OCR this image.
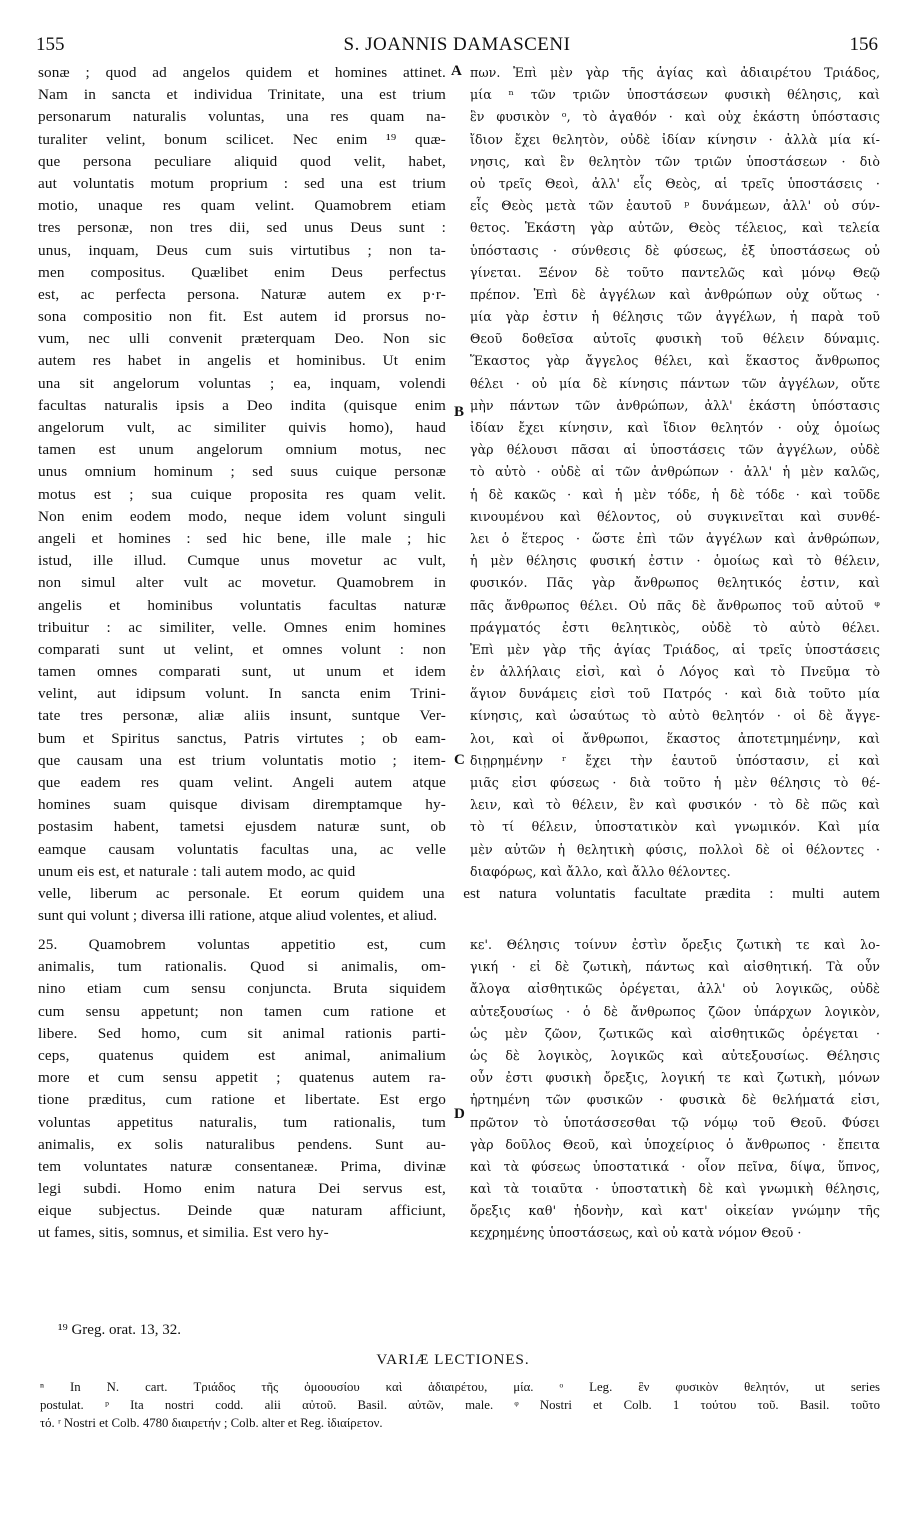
155	S. JOANNIS DAMASCENI	156
sonæ ; quod ad angelos quidem et homines attinet.
Nam in sancta et individua Trinitate, una est trium
personarum naturalis voluntas, una res quam na-
turaliter velint, bonum scilicet. Nec enim ¹⁹ quæ-
que persona peculiare aliquid quod velit, habet,
aut voluntatis motum proprium : sed una est trium
motio, unaque res quam velint. Quamobrem etiam
tres personæ, non tres dii, sed unus Deus sunt :
unus, inquam, Deus cum suis virtutibus ; non ta-
men compositus. Quælibet enim Deus perfectus
est, ac perfecta persona. Naturæ autem ex p·r-
sona compositio non fit. Est autem id prorsus no-
vum, nec ulli convenit præterquam Deo. Non sic
autem res habet in angelis et hominibus. Ut enim
una sit angelorum voluntas ; ea, inquam, volendi
facultas naturalis ipsis a Deo indita (quisque enim
angelorum vult, ac similiter quivis homo), haud
tamen est unum angelorum omnium motus, nec
unus omnium hominum ; sed suus cuique personæ
motus est ; sua cuique proposita res quam velit.
Non enim eodem modo, neque idem volunt singuli
angeli et homines : sed hic bene, ille male ; hic
istud, ille illud. Cumque unus movetur ac vult,
non simul alter vult ac movetur. Quamobrem in
angelis et hominibus voluntatis facultas naturæ
tribuitur : ac similiter, velle. Omnes enim homines
comparati sunt ut velint, et omnes volunt : non
tamen omnes comparati sunt, ut unum et idem
velint, aut idipsum volunt. In sancta enim Trini-
tate tres personæ, aliæ aliis insunt, suntque Ver-
bum et Spiritus sanctus, Patris virtutes ; ob eam-
que causam una est trium voluntatis motio ; item-
que eadem res quam velint. Angeli autem atque
homines suam quisque divisam diremptamque hy-
postasim habent, tametsi ejusdem naturæ sunt, ob
eamque causam voluntatis facultas una, ac velle
unum eis est, et naturale : tali autem modo, ac quid
πων. Ἐπὶ μὲν γὰρ τῆς ἁγίας καὶ ἀδιαιρέτου Τριάδος,
μία ⁿ τῶν τριῶν ὑποστάσεων φυσικὴ θέλησις, καὶ
ἓν φυσικὸν ᵒ, τὸ ἀγαθόν · καὶ οὐχ ἑκάστη ὑπόστασις
ἴδιον ἔχει θελητὸν, οὐδὲ ἰδίαν κίνησιν · ἀλλὰ μία κί-
νησις, καὶ ἓν θελητὸν τῶν τριῶν ὑποστάσεων · διὸ
οὐ τρεῖς Θεοὶ, ἀλλ' εἷς Θεὸς, αἱ τρεῖς ὑποστάσεις ·
εἷς Θεὸς μετὰ τῶν ἑαυτοῦ ᵖ δυνάμεων, ἀλλ' οὐ σύν-
θετος. Ἑκάστη γὰρ αὐτῶν, Θεὸς τέλειος, καὶ τελεία
ὑπόστασις · σύνθεσις δὲ φύσεως, ἐξ ὑποστάσεως οὐ
γίνεται. Ξένον δὲ τοῦτο παντελῶς καὶ μόνῳ Θεῷ
πρέπον. Ἐπὶ δὲ ἀγγέλων καὶ ἀνθρώπων οὐχ οὕτως ·
μία γὰρ ἐστιν ἡ θέλησις τῶν ἀγγέλων, ἡ παρὰ τοῦ
Θεοῦ δοθεῖσα αὐτοῖς φυσικὴ τοῦ θέλειν δύναμις.
Ἕκαστος γὰρ ἄγγελος θέλει, καὶ ἕκαστος ἄνθρωπος
θέλει · οὐ μία δὲ κίνησις πάντων τῶν ἀγγέλων, οὔτε
μὴν πάντων τῶν ἀνθρώπων, ἀλλ' ἑκάστη ὑπόστασις
ἰδίαν ἔχει κίνησιν, καὶ ἴδιον θελητόν · οὐχ ὁμοίως
γὰρ θέλουσι πᾶσαι αἱ ὑποστάσεις τῶν ἀγγέλων, οὐδὲ
τὸ αὐτὸ · οὐδὲ αἱ τῶν ἀνθρώπων · ἀλλ' ἡ μὲν καλῶς,
ἡ δὲ κακῶς · καὶ ἡ μὲν τόδε, ἡ δὲ τόδε · καὶ τοῦδε
κινουμένου καὶ θέλοντος, οὐ συγκινεῖται καὶ συνθέ-
λει ὁ ἕτερος · ὥστε ἐπὶ τῶν ἀγγέλων καὶ ἀνθρώπων,
ἡ μὲν θέλησις φυσική ἐστιν · ὁμοίως καὶ τὸ θέλειν,
φυσικόν. Πᾶς γὰρ ἄνθρωπος θελητικός ἐστιν, καὶ
πᾶς ἄνθρωπος θέλει. Οὐ πᾶς δὲ ἄνθρωπος τοῦ αὐτοῦ ᵠ
πράγματός ἐστι θελητικὸς, οὐδὲ τὸ αὐτὸ θέλει.
Ἐπὶ μὲν γὰρ τῆς ἁγίας Τριάδος, αἱ τρεῖς ὑποστάσεις
ἐν ἀλλήλαις εἰσὶ, καὶ ὁ Λόγος καὶ τὸ Πνεῦμα τὸ
ἅγιον δυνάμεις εἰσὶ τοῦ Πατρός · καὶ διὰ τοῦτο μία
κίνησις, καὶ ὡσαύτως τὸ αὐτὸ θελητόν · οἱ δὲ ἄγγε-
λοι, καὶ οἱ ἄνθρωποι, ἕκαστος ἀποτετμημένην, καὶ
διῃρημένην ʳ ἔχει τὴν ἑαυτοῦ ὑπόστασιν, εἰ καὶ
μιᾶς εἰσι φύσεως · διὰ τοῦτο ἡ μὲν θέλησις τὸ θέ-
λειν, καὶ τὸ θέλειν, ἓν καὶ φυσικόν · τὸ δὲ πῶς καὶ
τὸ τί θέλειν, ὑποστατικὸν καὶ γνωμικόν. Καὶ μία
μὲν αὐτῶν ἡ θελητικὴ φύσις, πολλοὶ δὲ οἱ θέλοντες ·
διαφόρως, καὶ ἄλλο, καὶ ἄλλο θέλοντες.
A
B
C
D
velle, liberum ac personale. Et eorum quidem una est natura voluntatis facultate prædita : multi autem
sunt qui volunt ; diversa illi ratione, atque aliud volentes, et aliud.
25. Quamobrem voluntas appetitio est, cum
animalis, tum rationalis. Quod si animalis, om-
nino etiam cum sensu conjuncta. Bruta siquidem
cum sensu appetunt; non tamen cum ratione et
libere. Sed homo, cum sit animal rationis parti-
ceps, quatenus quidem est animal, animalium
more et cum sensu appetit ; quatenus autem ra-
tione præditus, cum ratione et libertate. Est ergo
voluntas appetitus naturalis, tum rationalis, tum
animalis, ex solis naturalibus pendens. Sunt au-
tem voluntates naturæ consentaneæ. Prima, divinæ
legi subdi. Homo enim natura Dei servus est,
eique subjectus. Deinde quæ naturam afficiunt,
ut fames, sitis, somnus, et similia. Est vero hy-
κε'. Θέλησις τοίνυν ἐστὶν ὄρεξις ζωτικὴ τε καὶ λο-
γική · εἰ δὲ ζωτικὴ, πάντως καὶ αἰσθητική. Τὰ οὖν
ἄλογα αἰσθητικῶς ὀρέγεται, ἀλλ' οὐ λογικῶς, οὐδὲ
αὐτεξουσίως · ὁ δὲ ἄνθρωπος ζῶον ὑπάρχων λογικὸν,
ὡς μὲν ζῶον, ζωτικῶς καὶ αἰσθητικῶς ὀρέγεται ·
ὡς δὲ λογικὸς, λογικῶς καὶ αὐτεξουσίως. Θέλησις
οὖν ἐστι φυσικὴ ὄρεξις, λογική τε καὶ ζωτικὴ, μόνων
ἠρτημένη τῶν φυσικῶν · φυσικὰ δὲ θελήματά εἰσι,
πρῶτον τὸ ὑποτάσσεσθαι τῷ νόμῳ τοῦ Θεοῦ. Φύσει
γὰρ δοῦλος Θεοῦ, καὶ ὑποχείριος ὁ ἄνθρωπος · ἔπειτα
καὶ τὰ φύσεως ὑποστατικά · οἷον πεῖνα, δίψα, ὕπνος,
καὶ τὰ τοιαῦτα · ὑποστατικὴ δὲ καὶ γνωμικὴ θέλησις,
ὄρεξις καθ' ἡδονὴν, καὶ κατ' οἰκείαν γνώμην τῆς
κεχρημένης ὑποστάσεως, καὶ οὐ κατὰ νόμον Θεοῦ ·
¹⁹ Greg. orat. 13, 32.
VARIÆ LECTIONES.
ⁿ In N. cart. Τριάδος τῆς ὁμοουσίου καὶ ἀδιαιρέτου, μία. ᵒ Leg. ἓν φυσικὸν θελητόν, ut series
postulat. ᵖ Ita nostri codd. alii αὐτοῦ. Basil. αὐτῶν, male. ᵠ Nostri et Colb. 1 τούτου τοῦ. Basil. τοῦτο
τό. ʳ Nostri et Colb. 4780 διαιρετήν ; Colb. alter et Reg. ἰδιαίρετον.
